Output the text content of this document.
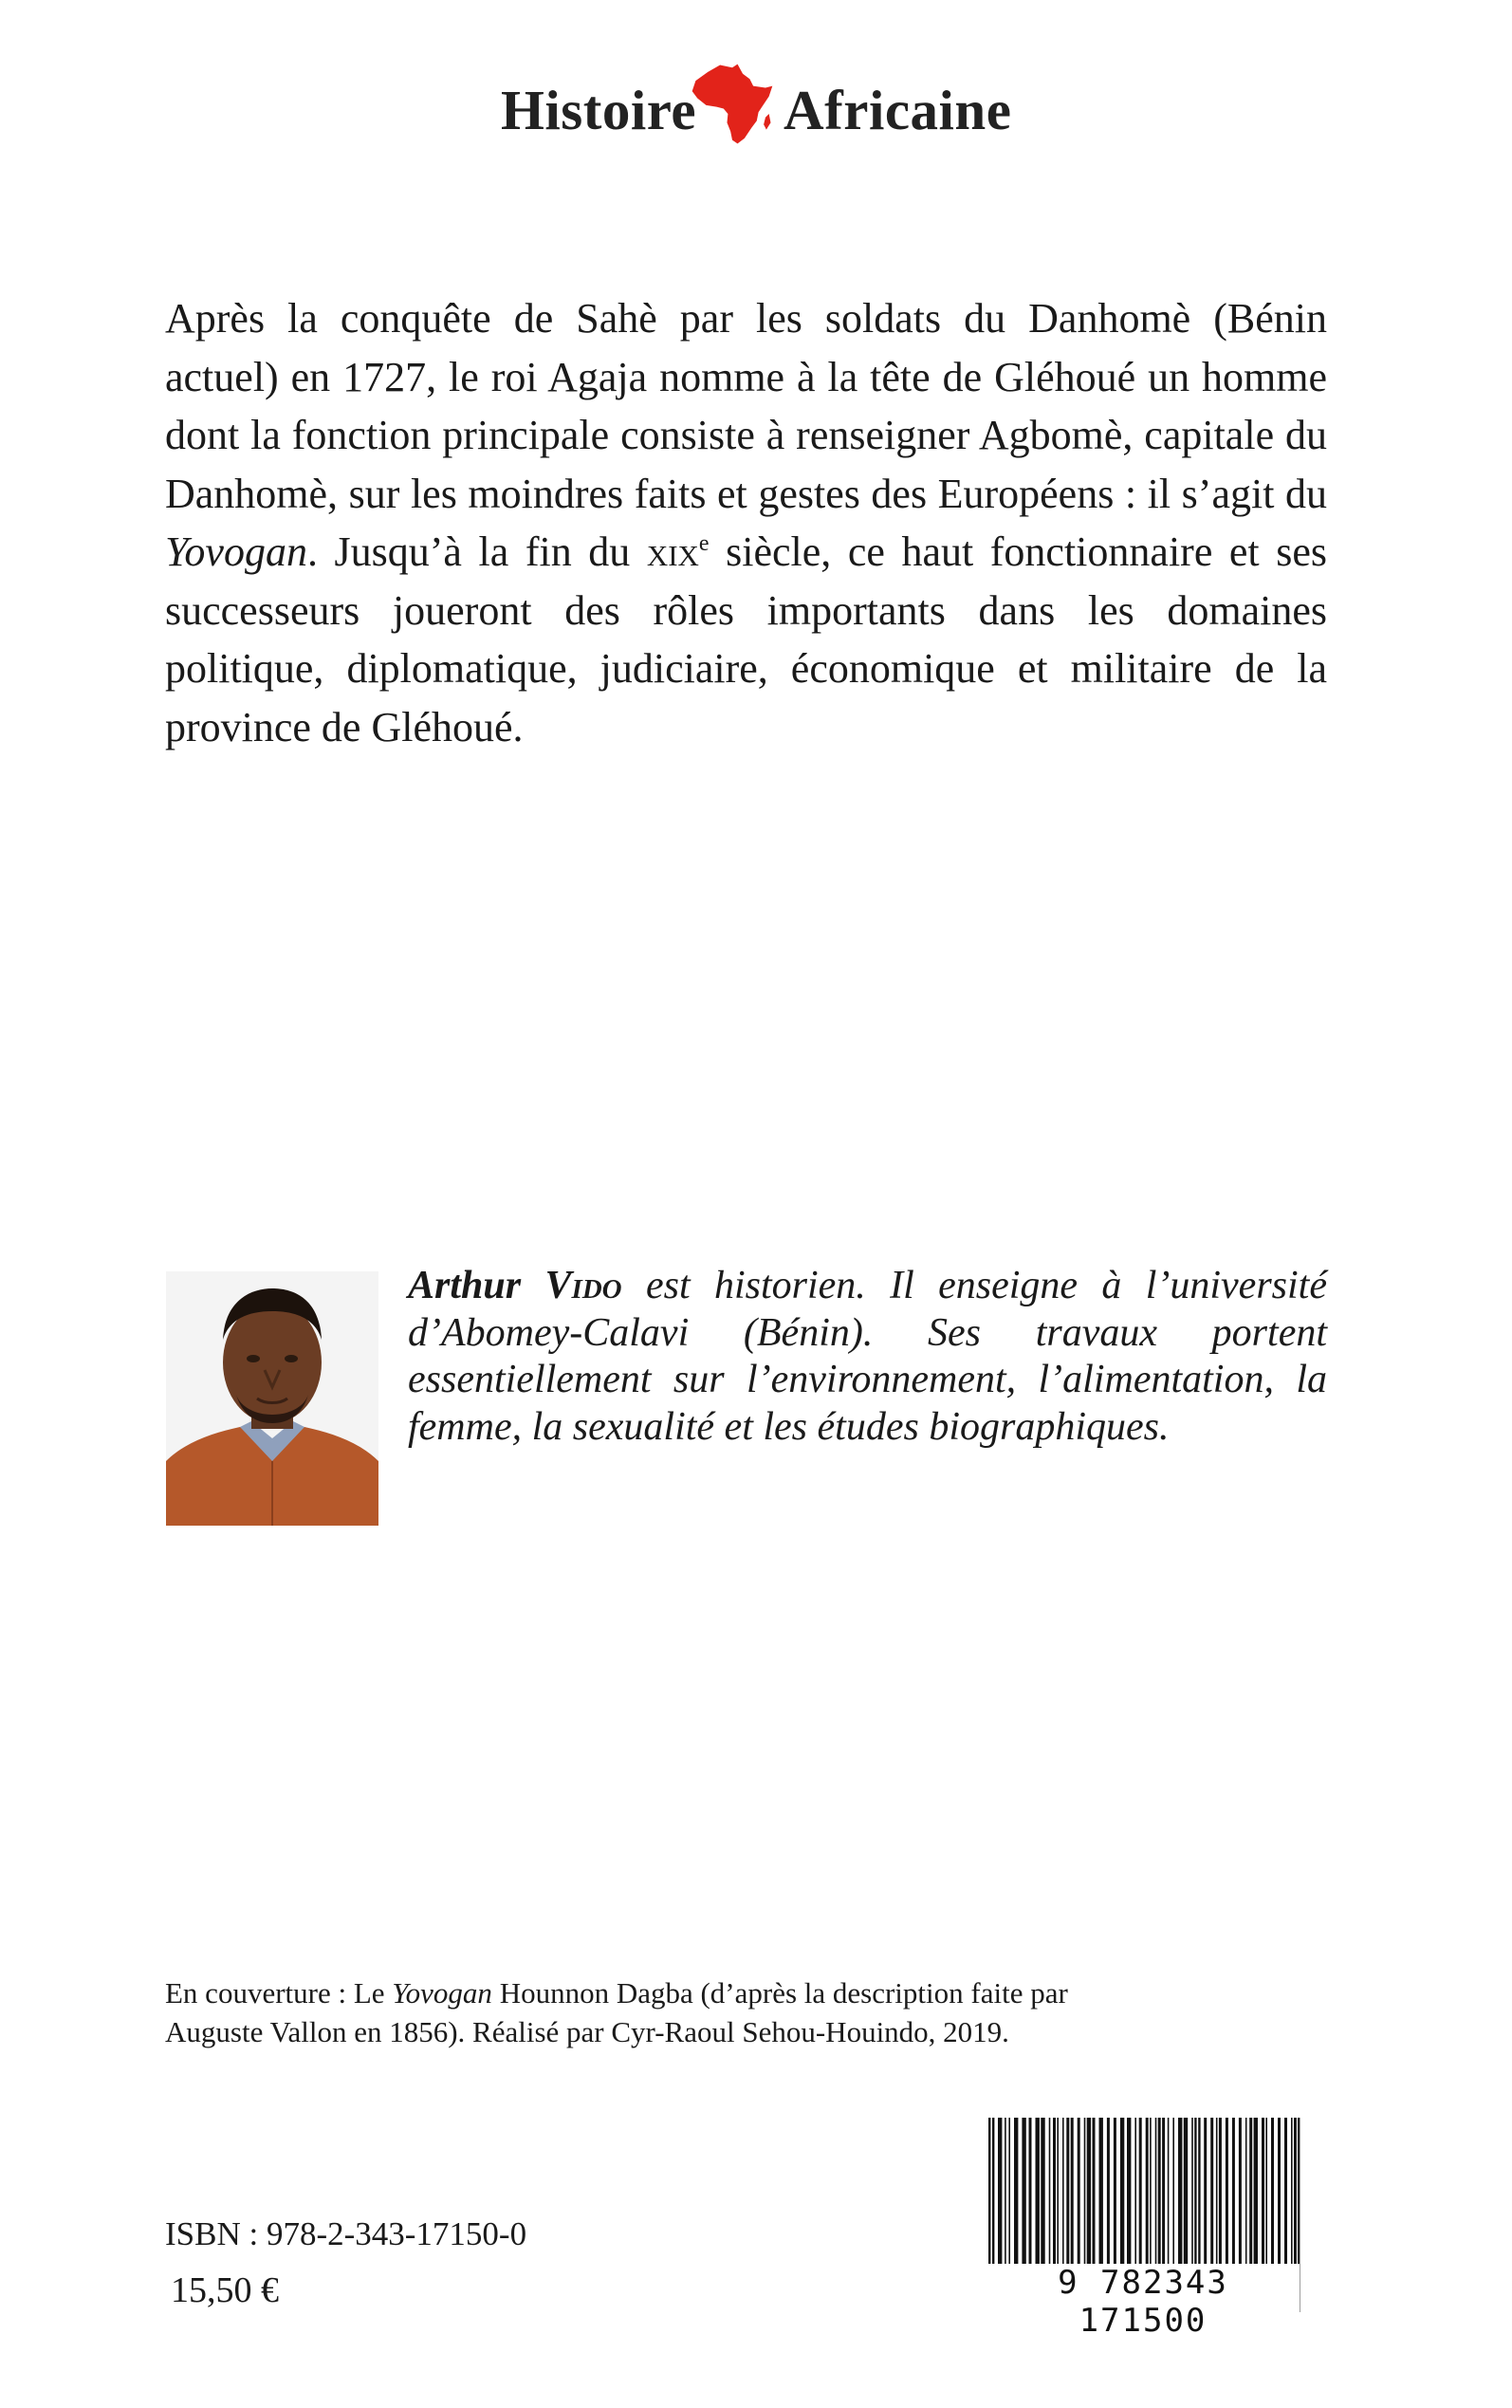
Histoire Africaine

Après la conquête de Sahè par les soldats du Danhomè (Bénin actuel) en 1727, le roi Agaja nomme à la tête de Gléhoué un homme dont la fonction principale consiste à renseigner Agbomè, capitale du Danhomè, sur les moindres faits et gestes des Européens : il s’agit du Yovogan. Jusqu’à la fin du xix$^e$ siècle, ce haut fonctionnaire et ses successeurs joueront des rôles importants dans les domaines politique, diplomatique, judiciaire, économique et militaire de la province de Gléhoué.

Arthur Vido est historien. Il enseigne à l’université d’Abomey-Calavi (Bénin). Ses travaux portent essentiellement sur l’environnement, l’alimentation, la femme, la sexualité et les études biographiques.

En couverture : Le Yovogan Hounnon Dagba (d’après la description faite par Auguste Vallon en 1856). Réalisé par Cyr-Raoul Sehou-Houindo, 2019.

ISBN : 978-2-343-17150-0
15,50 €	9 782343 171500
